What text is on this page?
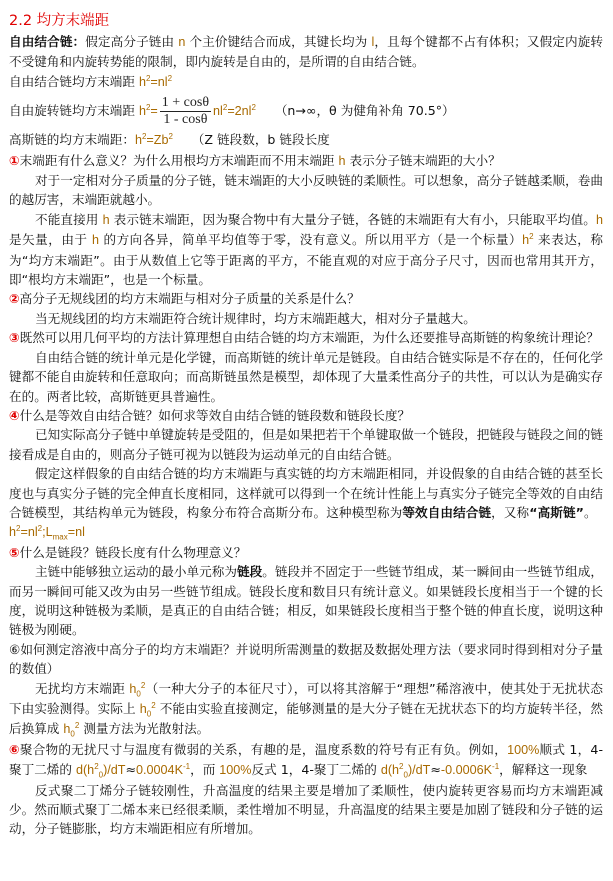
2.2 均方末端距

自由结合链：假定高分子链由 n 个主价键结合而成，其键长均为 l，且每个键都不占有体积；又假定内旋转不受键角和内旋转势能的限制，即内旋转是自由的，是所谓的自由结合链。

自由结合链均方末端距 $h^2=nl^2$

自由旋转链均方末端距 $h^2= \frac{1 + \cos\theta}{1 - \cos\theta} nl^2=2nl^2$　　（n→∞，θ 为健角补角 70.5°）

高斯链的均方末端距：$h^2=Zb^2$　　（Z 链段数，b 链段长度

①末端距有什么意义？为什么用根均方末端距而不用末端距 h 表示分子链末端距的大小？

对于一定相对分子质量的分子链，链末端距的大小反映链的柔顺性。可以想象，高分子链越柔顺，卷曲的越厉害，末端距就越小。

不能直接用 h 表示链末端距，因为聚合物中有大量分子链，各链的末端距有大有小，只能取平均值。h 是矢量，由于 h 的方向各异，简单平均值等于零，没有意义。所以用平方（是一个标量）$h^2$ 来表达，称为“均方末端距”。由于从数值上它等于距离的平方，不能直观的对应于高分子尺寸，因而也常用其开方，即“根均方末端距”，也是一个标量。

②高分子无规线团的均方末端距与相对分子质量的关系是什么？

当无规线团的均方末端距符合统计规律时，均方末端距越大，相对分子量越大。

③既然可以用几何平均的方法计算理想自由结合链的均方末端距，为什么还要推导高斯链的构象统计理论？

自由结合链的统计单元是化学键，而高斯链的统计单元是链段。自由结合链实际是不存在的，任何化学键都不能自由旋转和任意取向；而高斯链虽然是模型，却体现了大量柔性高分子的共性，可以认为是确实存在的。两者比较，高斯链更具普遍性。

④什么是等效自由结合链？如何求等效自由结合链的链段数和链段长度？

已知实际高分子链中单键旋转是受阻的，但是如果把若干个单键取做一个链段，把链段与链段之间的链接看成是自由的，则高分子链可视为以链段为运动单元的自由结合链。

假定这样假象的自由结合链的均方末端距与真实链的均方末端距相同，并设假象的自由结合链的甚至长度也与真实分子链的完全伸直长度相同，这样就可以得到一个在统计性能上与真实分子链完全等效的自由结合链模型，其结构单元为链段，构象分布符合高斯分布。这种模型称为等效自由结合链，又称“高斯链”。　 $h^2=nl^2;L_{max}=nl$

⑤什么是链段？链段长度有什么物理意义？

主链中能够独立运动的最小单元称为链段。链段并不固定于一些链节组成，某一瞬间由一些链节组成，而另一瞬间可能又改为由另一些链节组成。链段长度和数目只有统计意义。如果链段长度相当于一个键的长度，说明这种链极为柔顺，是真正的自由结合链；相反，如果链段长度相当于整个链的伸直长度，说明这种链极为刚硬。

⑥如何测定溶液中高分子的均方末端距？并说明所需测量的数据及数据处理方法（要求同时得到相对分子量的数值）

无扰均方末端距 $h_0^2$（一种大分子的本征尺寸），可以将其溶解于“理想”稀溶液中，使其处于无扰状态下由实验测得。实际上 $h_0^2$ 不能由实验直接测定，能够测量的是大分子链在无扰状态下的均方旋转半径，然后换算成 $h_0^2$ 测量方法为光散射法。

⑥聚合物的无扰尺寸与温度有微弱的关系，有趣的是，温度系数的符号有正有负。例如，100%顺式 1，4-聚丁二烯的 $d(h^2_0)/dT\approx 0.0004K^{-1}$，而 100%反式 1，4-聚丁二烯的 $d(h^2_0)/dT\approx-0.0006K^{-1}$，解释这一现象

反式聚二丁烯分子链较刚性，升高温度的结果主要是增加了柔顺性，使内旋转更容易而均方末端距减少。然而顺式聚丁二烯本来已经很柔顺，柔性增加不明显，升高温度的结果主要是加剧了链段和分子链的运动，分子链膨胀，均方末端距相应有所增加。
